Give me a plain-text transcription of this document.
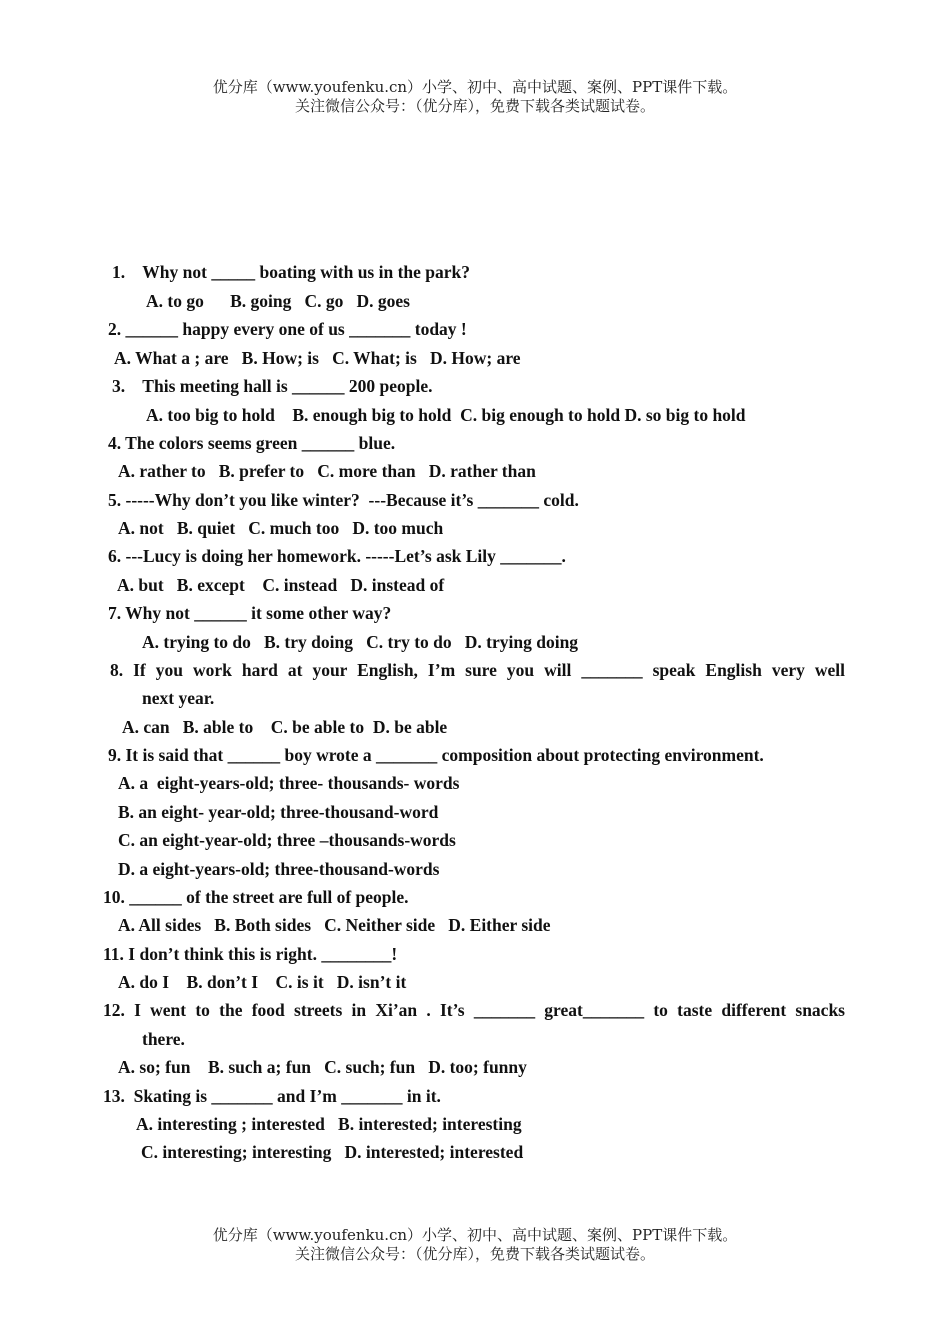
优分库（www.youfenku.cn）小学、初中、高中试题、案例、PPT课件下载。
关注微信公众号：（优分库），免费下载各类试题试卷。
1.    Why not _____ boating with us in the park?
A. to go      B. going   C. go   D. goes
2. ______ happy every one of us _______ today !
A. What a ; are   B. How; is   C. What; is   D. How; are
3.    This meeting hall is ______ 200 people.
A. too big to hold    B. enough big to hold  C. big enough to hold D. so big to hold
4. The colors seems green ______ blue.
A. rather to   B. prefer to   C. more than   D. rather than
5. -----Why don’t you like winter?  ---Because it’s _______ cold.
A. not   B. quiet   C. much too   D. too much
6. ---Lucy is doing her homework. -----Let’s ask Lily _______.
A. but   B. except    C. instead   D. instead of
7. Why not ______ it some other way?
A. trying to do   B. try doing   C. try to do   D. trying doing
8. If you work hard at your English, I’m sure you will _______ speak English very well
next year.
A. can   B. able to    C. be able to  D. be able
9. It is said that ______ boy wrote a _______ composition about protecting environment.
A. a  eight-years-old; three- thousands- words
B. an eight- year-old; three-thousand-word
C. an eight-year-old; three –thousands-words
D. a eight-years-old; three-thousand-words
10. ______ of the street are full of people.
A. All sides   B. Both sides   C. Neither side   D. Either side
11. I don’t think this is right. ________!
A. do I    B. don’t I    C. is it   D. isn’t it
12. I went to the food streets in Xi’an . It’s _______ great_______ to taste different snacks
there.
A. so; fun    B. such a; fun   C. such; fun   D. too; funny
13.  Skating is _______ and I’m _______ in it.
A. interesting ; interested   B. interested; interesting
C. interesting; interesting   D. interested; interested
优分库（www.youfenku.cn）小学、初中、高中试题、案例、PPT课件下载。
关注微信公众号：（优分库），免费下载各类试题试卷。
